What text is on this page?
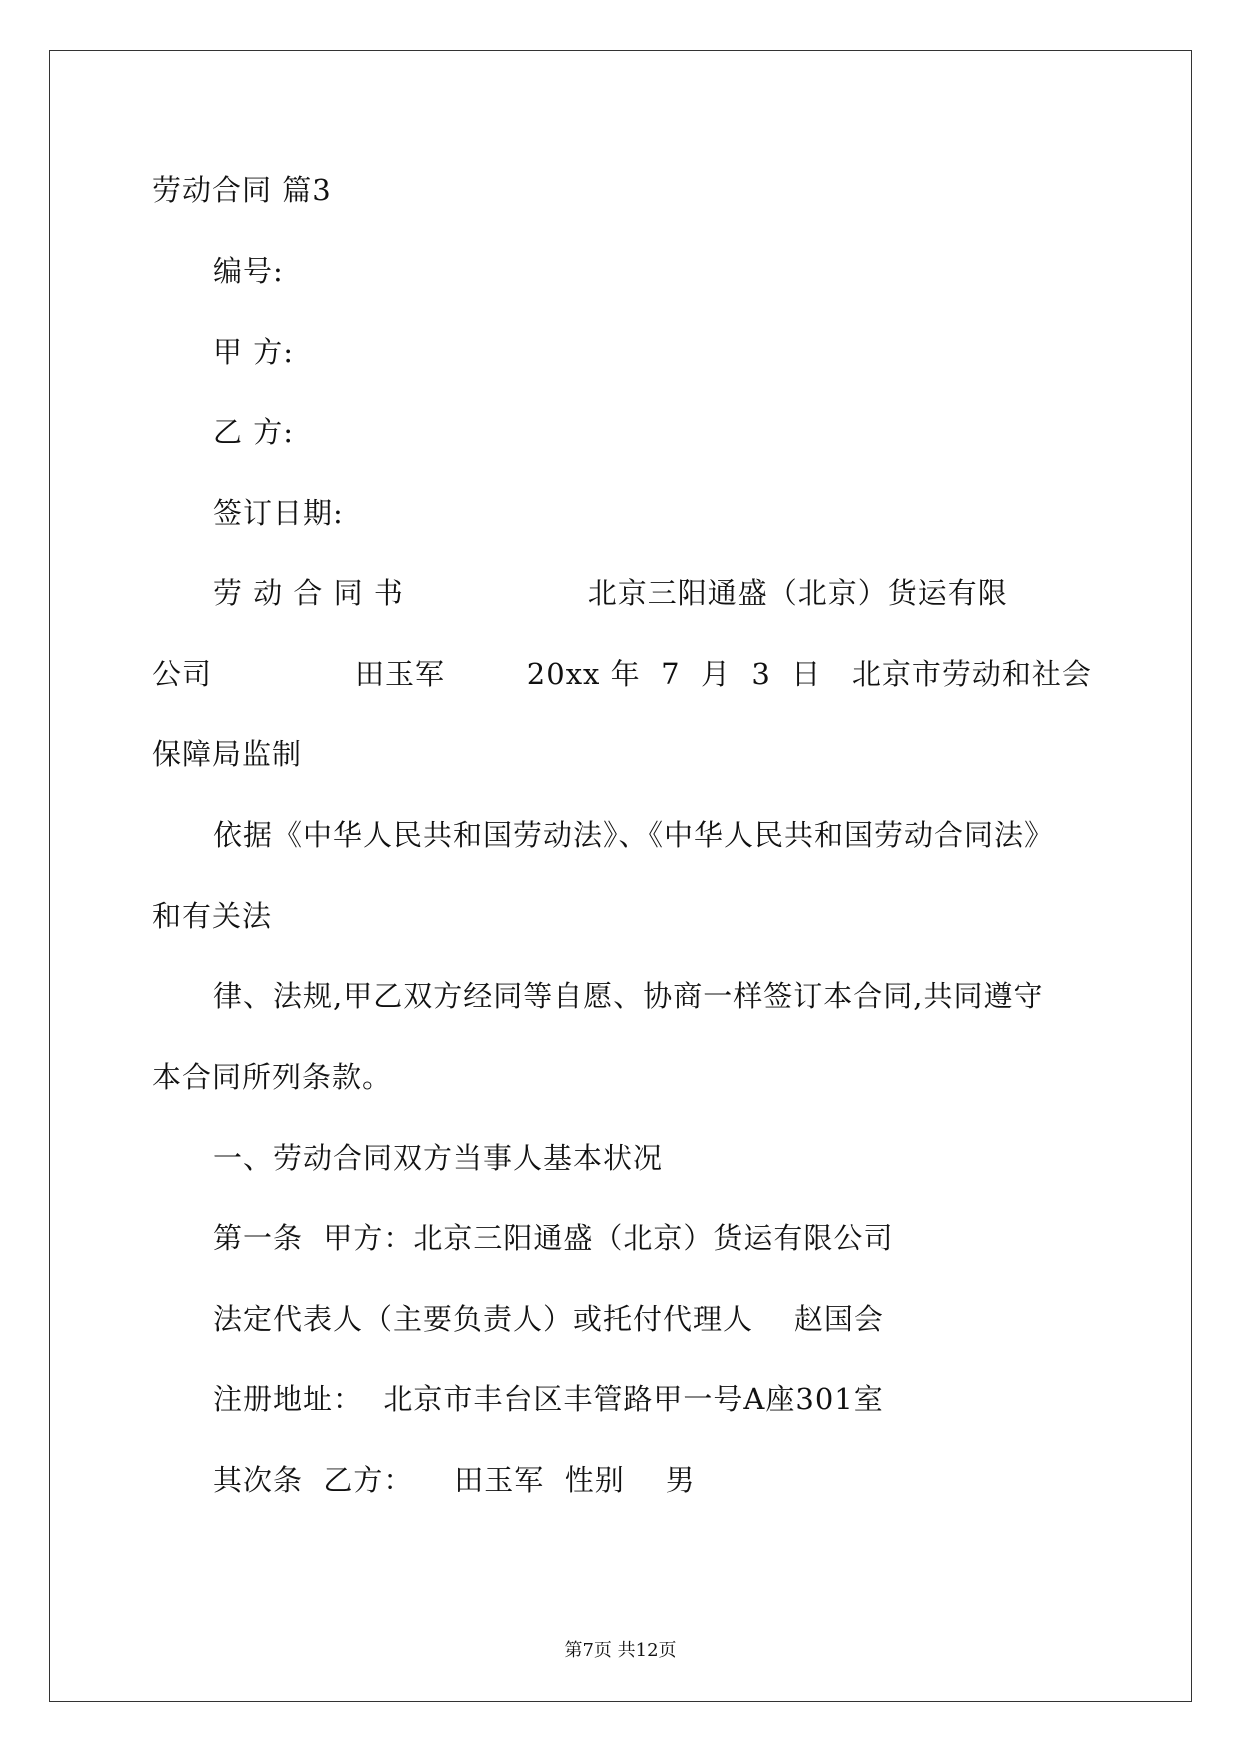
劳动合同 篇3
编号:
甲 方:
乙 方:
签订日期:
劳 动 合 同 书                  北京三阳通盛（北京）货运有限
公司              田玉军        20xx 年  7  月  3  日   北京市劳动和社会
保障局监制
依据《中华人民共和国劳动法》、《中华人民共和国劳动合同法》
和有关法
律、法规,甲乙双方经同等自愿、协商一样签订本合同,共同遵守
本合同所列条款。
一、劳动合同双方当事人基本状况
第一条  甲方：北京三阳通盛（北京）货运有限公司
法定代表人（主要负责人）或托付代理人    赵国会
注册地址：  北京市丰台区丰管路甲一号A座301室
其次条  乙方：    田玉军  性别    男
第7页 共12页
